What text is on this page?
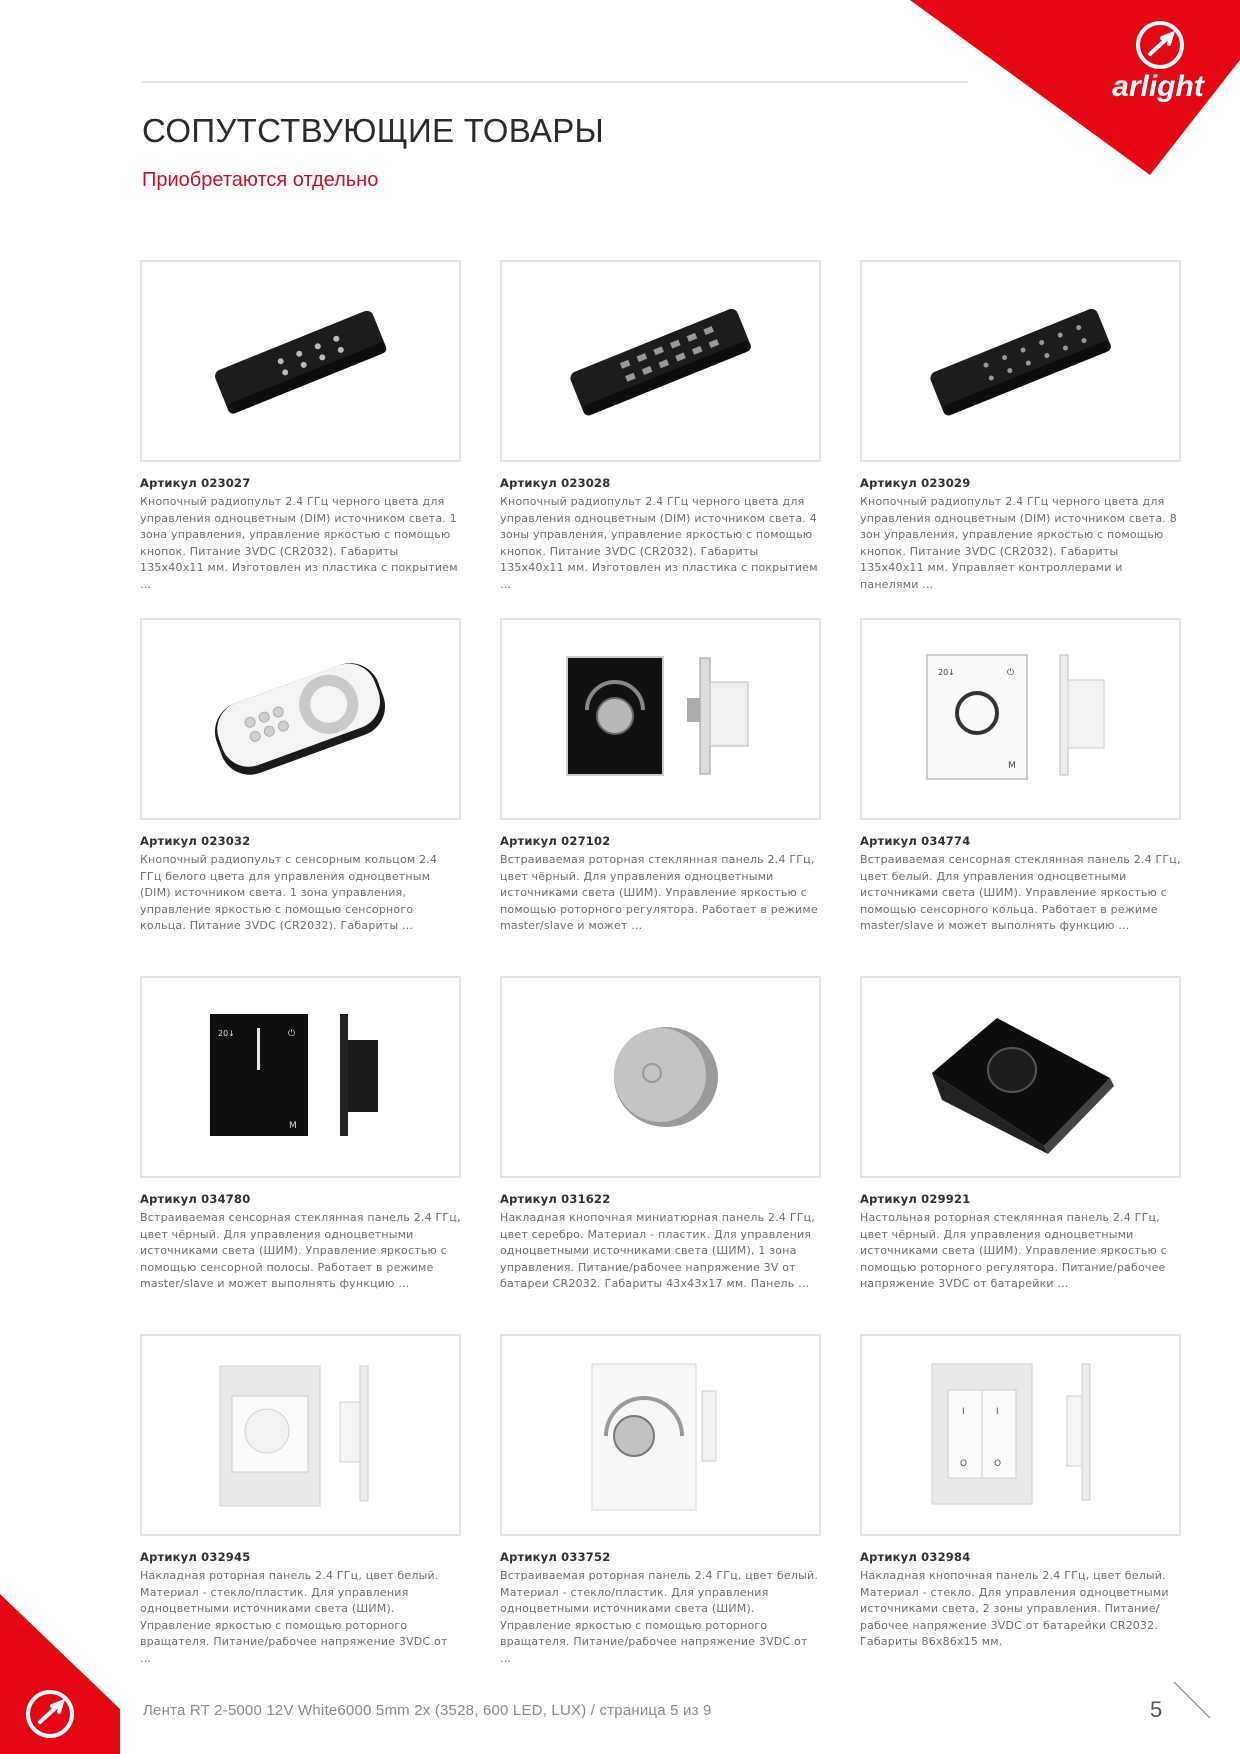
arlight
СОПУТСТВУЮЩИЕ ТОВАРЫ

Приобретаются отдельно

Артикул 023027
Кнопочный радиопульт 2.4 ГГц черного цвета для управления одноцветным (DIM) источником света. 1 зона управления, управление яркостью с помощью кнопок. Питание 3VDC (CR2032). Габариты 135x40x11 мм. Изготовлен из пластика с покрытием ...
Артикул 023028
Кнопочный радиопульт 2.4 ГГц черного цвета для управления одноцветным (DIM) источником света. 4 зоны управления, управление яркостью с помощью кнопок. Питание 3VDC (CR2032). Габариты 135x40x11 мм. Изготовлен из пластика с покрытием ...
Артикул 023029
Кнопочный радиопульт 2.4 ГГц черного цвета для управления одноцветным (DIM) источником света. 8 зон управления, управление яркостью с помощью кнопок. Питание 3VDC (CR2032). Габариты 135x40x11 мм. Управляет контроллерами и панелями ...
Артикул 023032
Кнопочный радиопульт с сенсорным кольцом 2.4 ГГц белого цвета для управления одноцветным (DIM) источником света. 1 зона управления, управление яркостью с помощью сенсорного кольца. Питание 3VDC (CR2032). Габариты ...
Артикул 027102
Встраиваемая роторная стеклянная панель 2.4 ГГц, цвет чёрный. Для управления одноцветными источниками света (ШИМ). Управление яркостью с помощью роторного регулятора. Работает в режиме master/slave и может ...
20↓	⏻
M
Артикул 034774
Встраиваемая сенсорная стеклянная панель 2.4 ГГц, цвет белый. Для управления одноцветными источниками света (ШИМ). Управление яркостью с помощью сенсорного кольца. Работает в режиме master/slave и может выполнять функцию ...
20↓	⏻
M
Артикул 034780
Встраиваемая сенсорная стеклянная панель 2.4 ГГц, цвет чёрный. Для управления одноцветными источниками света (ШИМ). Управление яркостью с помощью сенсорной полосы. Работает в режиме master/slave и может выполнять функцию ...
Артикул 031622
Накладная кнопочная миниатюрная панель 2.4 ГГц, цвет серебро. Материал - пластик. Для управления одноцветными источниками света (ШИМ), 1 зона управления. Питание/рабочее напряжение 3V от батареи CR2032. Габариты 43x43x17 мм. Панель ...
Артикул 029921
Настольная роторная стеклянная панель 2.4 ГГц, цвет чёрный. Для управления одноцветными источниками света (ШИМ). Управление яркостью с помощью роторного регулятора. Питание/рабочее напряжение 3VDC от батарейки ...
Артикул 032945
Накладная роторная панель 2.4 ГГц, цвет белый. Материал - стекло/пластик. Для управления одноцветными источниками света (ШИМ). Управление яркостью с помощью роторного вращателя. Питание/рабочее напряжение 3VDC от ...
Артикул 033752
Встраиваемая роторная панель 2.4 ГГц, цвет белый. Материал - стекло/пластик. Для управления одноцветными источниками света (ШИМ). Управление яркостью с помощью роторного вращателя. Питание/рабочее напряжение 3VDC от ...
I	I
O	O
Артикул 032984
Накладная кнопочная панель 2.4 ГГц, цвет белый. Материал - стекло. Для управления одноцветными источниками света, 2 зоны управления. Питание/рабочее напряжение 3VDC от батарейки CR2032. Габариты 86x86x15 мм.
Лента RT 2-5000 12V White6000 5mm 2x (3528, 600 LED, LUX) / страница 5 из 9	5
